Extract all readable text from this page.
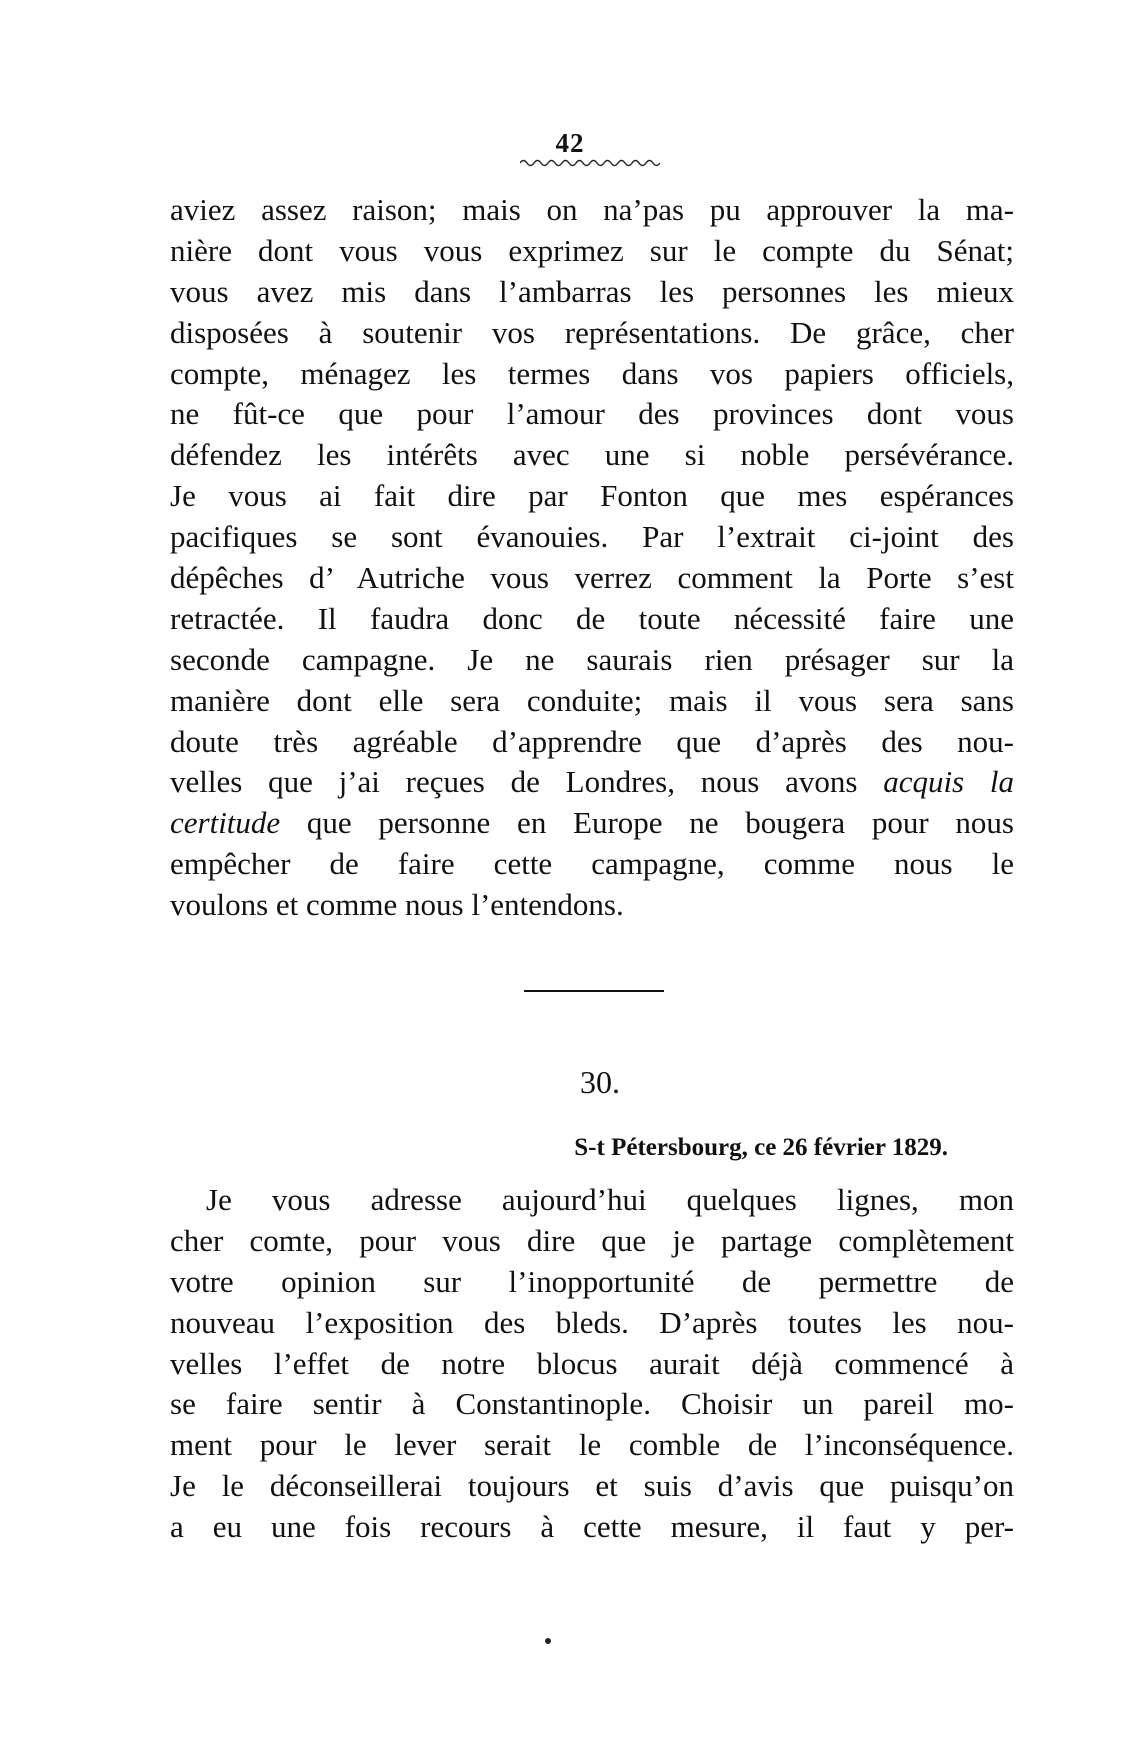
42
aviez assez raison; mais on na’pas pu approuver la ma-
nière dont vous vous exprimez sur le compte du Sénat;
vous avez mis dans l’ambarras les personnes les mieux
disposées à soutenir vos représentations. De grâce, cher
compte, ménagez les termes dans vos papiers officiels,
ne fût-ce que pour l’amour des provinces dont vous
défendez les intérêts avec une si noble persévérance.
Je vous ai fait dire par Fonton que mes espérances
pacifiques se sont évanouies. Par l’extrait ci-joint des
dépêches d’ Autriche vous verrez comment la Porte s’est
retractée. Il faudra donc de toute nécessité faire une
seconde campagne. Je ne saurais rien présager sur la
manière dont elle sera conduite; mais il vous sera sans
doute très agréable d’apprendre que d’après des nou-
velles que j’ai reçues de Londres, nous avons acquis la
certitude que personne en Europe ne bougera pour nous
empêcher de faire cette campagne, comme nous le
voulons et comme nous l’entendons.
30.
S-t Pétersbourg, ce 26 février 1829.
Je vous adresse aujourd’hui quelques lignes, mon
cher comte, pour vous dire que je partage complètement
votre opinion sur l’inopportunité de permettre de
nouveau l’exposition des bleds. D’après toutes les nou-
velles l’effet de notre blocus aurait déjà commencé à
se faire sentir à Constantinople. Choisir un pareil mo-
ment pour le lever serait le comble de l’inconséquence.
Je le déconseillerai toujours et suis d’avis que puisqu’on
a eu une fois recours à cette mesure, il faut y per-
